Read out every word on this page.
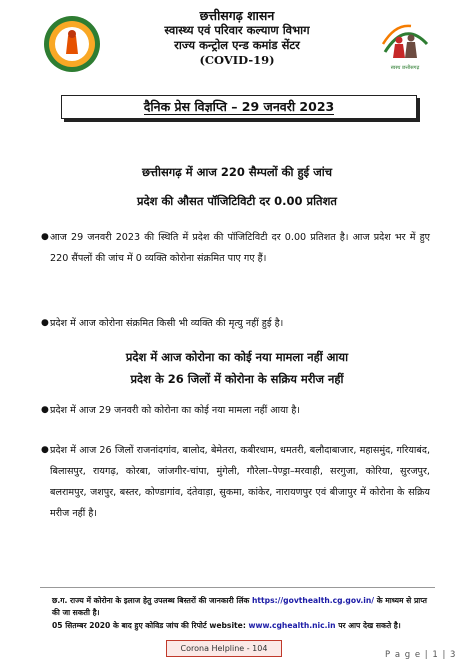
छत्तीसगढ़ शासन
स्वास्थ्य एवं परिवार कल्याण विभाग
राज्य कन्ट्रोल एन्ड कमांड सेंटर
(COVID-19)
स्वस्थ छत्तीसगढ़
दैनिक प्रेस विज्ञप्ति – 29 जनवरी 2023
छत्तीसगढ़ में आज 220 सैम्पलों की हुई जांच
प्रदेश की औसत पॉजिटिविटी दर 0.00 प्रतिशत
● आज 29 जनवरी 2023 की स्थिति में प्रदेश की पॉजिटिविटी दर 0.00 प्रतिशत है। आज प्रदेश भर में हुए 220 सैंपलों की जांच में 0 व्यक्ति कोरोना संक्रमित पाए गए हैं।
● प्रदेश में आज कोरोना संक्रमित किसी भी व्यक्ति की मृत्यु नहीं हुई है।
प्रदेश में आज कोरोना का कोई नया मामला नहीं आया
प्रदेश के 26 जिलों में कोरोना के सक्रिय मरीज नहीं
● प्रदेश में आज 29 जनवरी को कोरोना का कोई नया मामला नहीं आया है।
● प्रदेश में आज 26 जिलों राजनांदगांव, बालोद, बेमेतरा, कबीरधाम, धमतरी, बलौदाबाजार, महासमुंद, गरियाबंद, बिलासपुर, रायगढ़, कोरबा, जांजगीर-चांपा, मुंगेली, गौरेला–पेण्ड्रा–मरवाही, सरगुजा, कोरिया, सुरजपुर, बलरामपुर, जशपुर, बस्तर, कोण्डागांव, दंतेवाड़ा, सुकमा, कांकेर, नारायणपुर एवं बीजापुर में कोरोना के सक्रिय मरीज नहीं है।
छ.ग. राज्य में कोरोना के इलाज हेतु उपलब्ध बिस्तरों की जानकारी लिंक https://govthealth.cg.gov.in/ के माध्यम से प्राप्त की जा सकती है।
05 सितम्बर 2020 के बाद हुए कोविड जांच की रिपोर्ट website: www.cghealth.nic.in पर आप देख सकते है।
Corona Helpline - 104
P a g e | 1 | 3
